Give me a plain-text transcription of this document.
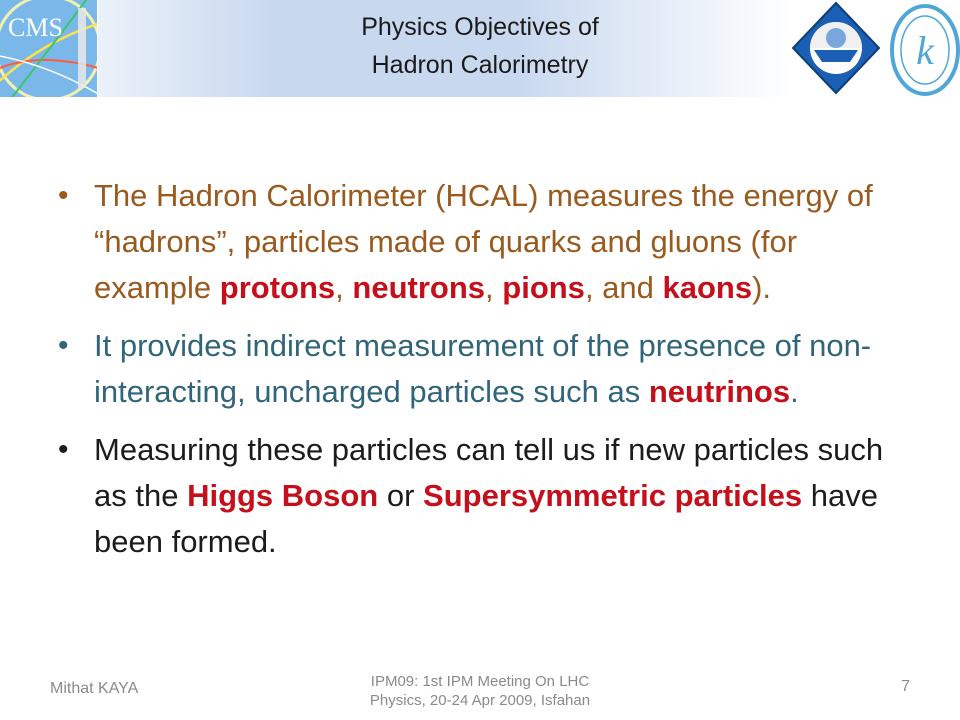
CMS	Physics Objectives of
Hadron Calorimetry	k
• The Hadron Calorimeter (HCAL) measures the energy of “hadrons”, particles made of quarks and gluons (for example protons, neutrons, pions, and kaons).
• It provides indirect measurement of the presence of non-interacting, uncharged particles such as neutrinos.
• Measuring these particles can tell us if new particles such as the Higgs Boson or Supersymmetric particles have been formed.
Mithat KAYA	IPM09: 1st IPM Meeting On LHC
Physics, 20-24 Apr 2009, Isfahan
7
